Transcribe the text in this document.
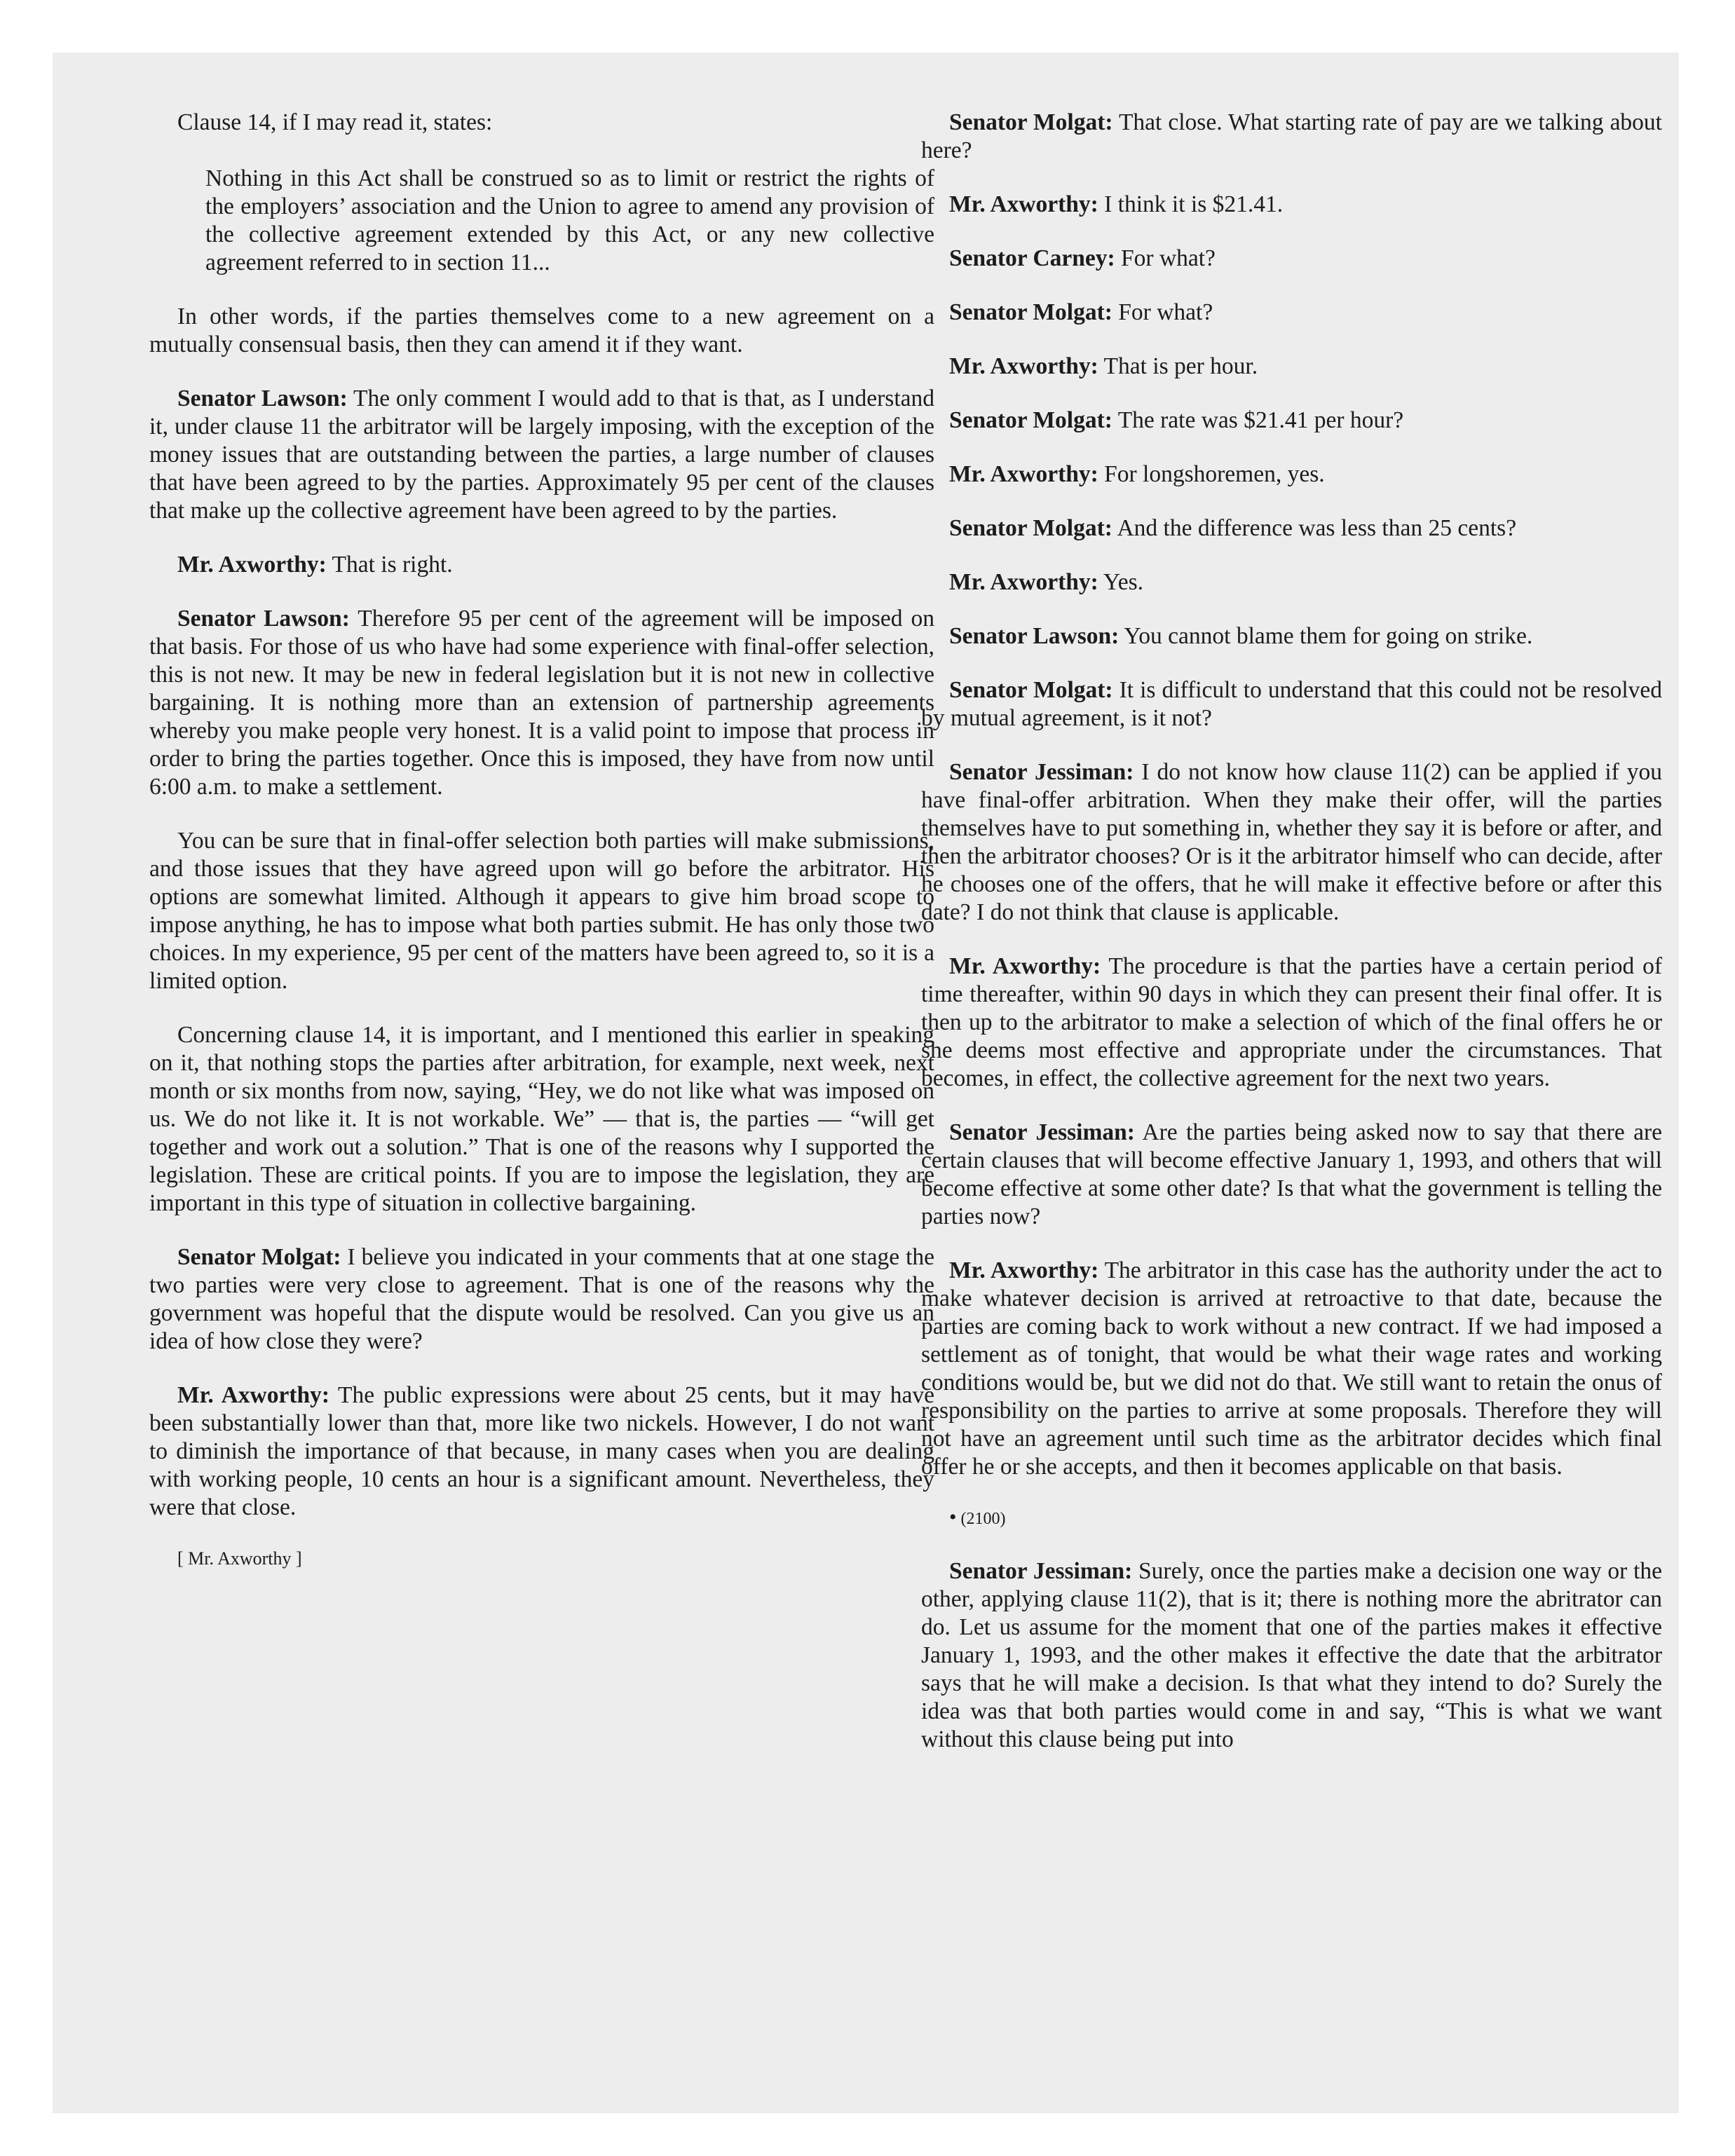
Clause 14, if I may read it, states:

Nothing in this Act shall be construed so as to limit or restrict the rights of the employers’ association and the Union to agree to amend any provision of the collective agreement extended by this Act, or any new collective agreement referred to in section 11...

In other words, if the parties themselves come to a new agreement on a mutually consensual basis, then they can amend it if they want.

Senator Lawson: The only comment I would add to that is that, as I understand it, under clause 11 the arbitrator will be largely imposing, with the exception of the money issues that are outstanding between the parties, a large number of clauses that have been agreed to by the parties. Approximately 95 per cent of the clauses that make up the collective agreement have been agreed to by the parties.

Mr. Axworthy: That is right.

Senator Lawson: Therefore 95 per cent of the agreement will be imposed on that basis. For those of us who have had some experience with final-offer selection, this is not new. It may be new in federal legislation but it is not new in collective bargaining. It is nothing more than an extension of partnership agreements whereby you make people very honest. It is a valid point to impose that process in order to bring the parties together. Once this is imposed, they have from now until 6:00 a.m. to make a settlement.

You can be sure that in final-offer selection both parties will make submissions, and those issues that they have agreed upon will go before the arbitrator. His options are somewhat limited. Although it appears to give him broad scope to impose anything, he has to impose what both parties submit. He has only those two choices. In my experience, 95 per cent of the matters have been agreed to, so it is a limited option.

Concerning clause 14, it is important, and I mentioned this earlier in speaking on it, that nothing stops the parties after arbitration, for example, next week, next month or six months from now, saying, “Hey, we do not like what was imposed on us. We do not like it. It is not workable. We” — that is, the parties — “will get together and work out a solution.” That is one of the reasons why I supported the legislation. These are critical points. If you are to impose the legislation, they are important in this type of situation in collective bargaining.

Senator Molgat: I believe you indicated in your comments that at one stage the two parties were very close to agreement. That is one of the reasons why the government was hopeful that the dispute would be resolved. Can you give us an idea of how close they were?

Mr. Axworthy: The public expressions were about 25 cents, but it may have been substantially lower than that, more like two nickels. However, I do not want to diminish the importance of that because, in many cases when you are dealing with working people, 10 cents an hour is a significant amount. Nevertheless, they were that close.

[ Mr. Axworthy ]

Senator Molgat: That close. What starting rate of pay are we talking about here?

Mr. Axworthy: I think it is $21.41.

Senator Carney: For what?

Senator Molgat: For what?

Mr. Axworthy: That is per hour.

Senator Molgat: The rate was $21.41 per hour?

Mr. Axworthy: For longshoremen, yes.

Senator Molgat: And the difference was less than 25 cents?

Mr. Axworthy: Yes.

Senator Lawson: You cannot blame them for going on strike.

Senator Molgat: It is difficult to understand that this could not be resolved by mutual agreement, is it not?

Senator Jessiman: I do not know how clause 11(2) can be applied if you have final-offer arbitration. When they make their offer, will the parties themselves have to put something in, whether they say it is before or after, and then the arbitrator chooses? Or is it the arbitrator himself who can decide, after he chooses one of the offers, that he will make it effective before or after this date? I do not think that clause is applicable.

Mr. Axworthy: The procedure is that the parties have a certain period of time thereafter, within 90 days in which they can present their final offer. It is then up to the arbitrator to make a selection of which of the final offers he or she deems most effective and appropriate under the circumstances. That becomes, in effect, the collective agreement for the next two years.

Senator Jessiman: Are the parties being asked now to say that there are certain clauses that will become effective January 1, 1993, and others that will become effective at some other date? Is that what the government is telling the parties now?

Mr. Axworthy: The arbitrator in this case has the authority under the act to make whatever decision is arrived at retroactive to that date, because the parties are coming back to work without a new contract. If we had imposed a settlement as of tonight, that would be what their wage rates and working conditions would be, but we did not do that. We still want to retain the onus of responsibility on the parties to arrive at some proposals. Therefore they will not have an agreement until such time as the arbitrator decides which final offer he or she accepts, and then it becomes applicable on that basis.

• (2100)

Senator Jessiman: Surely, once the parties make a decision one way or the other, applying clause 11(2), that is it; there is nothing more the abritrator can do. Let us assume for the moment that one of the parties makes it effective January 1, 1993, and the other makes it effective the date that the arbitrator says that he will make a decision. Is that what they intend to do? Surely the idea was that both parties would come in and say, “This is what we want without this clause being put into
